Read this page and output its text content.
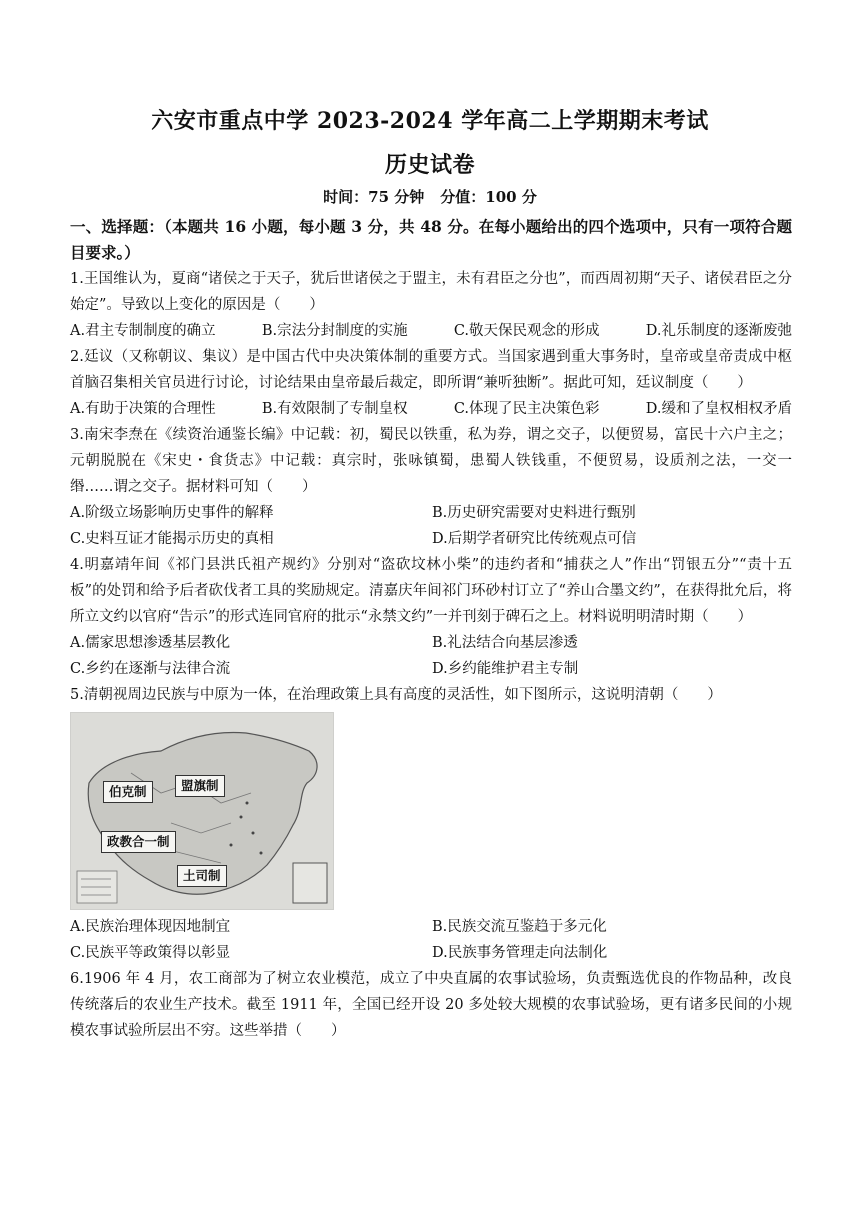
六安市重点中学 2023-2024 学年高二上学期期末考试
历史试卷
时间：75 分钟 分值：100 分

一、选择题：（本题共 16 小题，每小题 3 分，共 48 分。在每小题给出的四个选项中，只有一项符合题目要求。）

1.王国维认为，夏商“诸侯之于天子，犹后世诸侯之于盟主，未有君臣之分也”，而西周初期“天子、诸侯君臣之分始定”。导致以上变化的原因是（　　）

A.君主专制制度的确立	B.宗法分封制度的实施	C.敬天保民观念的形成	D.礼乐制度的逐渐废弛

2.廷议（又称朝议、集议）是中国古代中央决策体制的重要方式。当国家遇到重大事务时，皇帝或皇帝责成中枢首脑召集相关官员进行讨论，讨论结果由皇帝最后裁定，即所谓“兼听独断”。据此可知，廷议制度（　　）

A.有助于决策的合理性	B.有效限制了专制皇权	C.体现了民主决策色彩	D.缓和了皇权相权矛盾

3.南宋李焘在《续资治通鉴长编》中记载：初，蜀民以铁重，私为券，谓之交子，以便贸易，富民十六户主之；元朝脱脱在《宋史・食货志》中记载：真宗时，张咏镇蜀，患蜀人铁钱重，不便贸易，设质剂之法，一交一缗……谓之交子。据材料可知（　　）

A.阶级立场影响历史事件的解释	B.历史研究需要对史料进行甄别
C.史料互证才能揭示历史的真相	D.后期学者研究比传统观点可信

4.明嘉靖年间《祁门县洪氏祖产规约》分别对“盗砍坟林小柴”的违约者和“捕获之人”作出“罚银五分”“责十五板”的处罚和给予后者砍伐者工具的奖励规定。清嘉庆年间祁门环砂村订立了“养山合墨文约”，在获得批允后，将所立文约以官府“告示”的形式连同官府的批示“永禁文约”一并刊刻于碑石之上。材料说明明清时期（　　）

A.儒家思想渗透基层教化	B.礼法结合向基层渗透
C.乡约在逐渐与法律合流	D.乡约能维护君主专制

5.清朝视周边民族与中原为一体，在治理政策上具有高度的灵活性，如下图所示，这说明清朝（　　）

伯克制	盟旗制
政教合一制
土司制
A.民族治理体现因地制宜	B.民族交流互鉴趋于多元化
C.民族平等政策得以彰显	D.民族事务管理走向法制化

6.1906 年 4 月，农工商部为了树立农业模范，成立了中央直属的农事试验场，负责甄选优良的作物品种，改良传统落后的农业生产技术。截至 1911 年，全国已经开设 20 多处较大规模的农事试验场，更有诸多民间的小规模农事试验所层出不穷。这些举措（　　）
